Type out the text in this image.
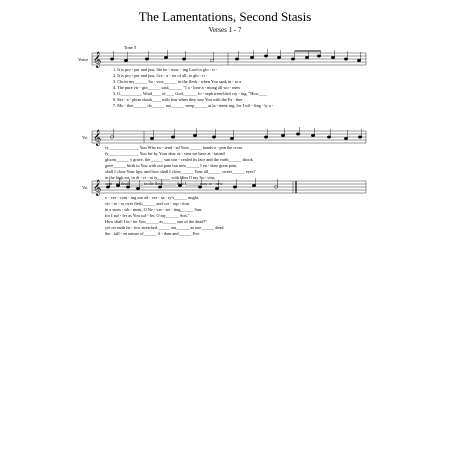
The Lamentations, Second Stasis
Verses 1 - 7
Tone 5
Voice
Vo.
Vo.
𝄞
𝄞
𝄞
1. It is pro - per and just, life be - stow - ing Lord to glo - ri -
2. It is pro - per and just, Cre - a - tor of all, to glo - ri -
3. Christ my______ Sa - vior,______ in the flesh - when You sank in - to a
4. The pure vir - gin______ said,______ "I a - lone a - mong all wo - men
5. O__________ Word____ of____ God,______ Jo - seph trem-bled cry - ing, "How____
6. Ser - a - phim shook____ with fear when they saw You with the Fa - ther
7. Mo - ther______ do______ not______ weep______ at la - ment ing, for I wil - ling - ly a -
fy______________ You Who ex - tend - ed Your______ hands a - pon the cross
fy______________ You for by Your dear as - sion we have at - tained
gloom______ y grave, the______ sun con - cealed its face and the earth______ shook
gave______ birth to You with out pain but now______ I en - dure great pain,
shall I close Your lips, and how shall I close______ Your all______ sweet______ eyes?
in the high est, in di - vi - ni ty______ with Him O my Sa - vior,
cept - ed death______ in the flesh______ that I______ may re - new
o - ver - com - ing our ad - ver - sa - ry's______ might.
vic - to - ry over flesh______ and cor - rup - tion.
in a stom - ish - ment, O Ne - ver - set - ting______ Sun.
for I suf - fer as You suf - fer, O my______ Son."
How shall I in - ter You______ as______ one of the dead?"
yet on earth be - low stretched______ out______ as one______ dead.
the - fall - en nature of______ A - dam and______ Eve.
